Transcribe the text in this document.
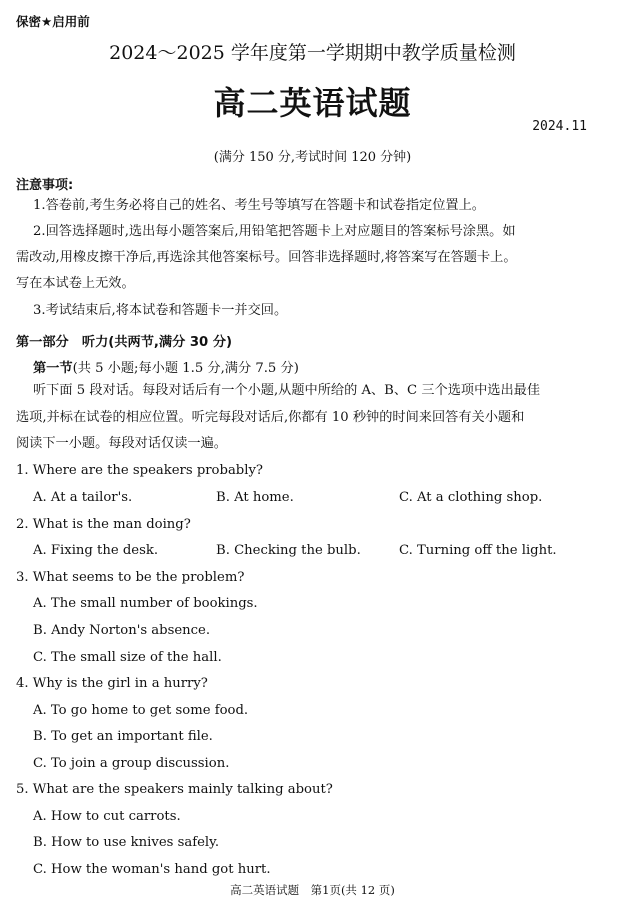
保密★启用前
2024～2025 学年度第一学期期中教学质量检测
高二英语试题
2024.11
(满分 150 分,考试时间 120 分钟)
注意事项:
1.答卷前,考生务必将自己的姓名、考生号等填写在答题卡和试卷指定位置上。
2.回答选择题时,选出每小题答案后,用铅笔把答题卡上对应题目的答案标号涂黑。如
需改动,用橡皮擦干净后,再选涂其他答案标号。回答非选择题时,将答案写在答题卡上。
写在本试卷上无效。
3.考试结束后,将本试卷和答题卡一并交回。
第一部分　听力(共两节,满分 30 分)
第一节(共 5 小题;每小题 1.5 分,满分 7.5 分)
听下面 5 段对话。每段对话后有一个小题,从题中所给的 A、B、C 三个选项中选出最佳
选项,并标在试卷的相应位置。听完每段对话后,你都有 10 秒钟的时间来回答有关小题和
阅读下一小题。每段对话仅读一遍。
1. Where are the speakers probably?
A. At a tailor's.	B. At home.	C. At a clothing shop.
2. What is the man doing?
A. Fixing the desk.	B. Checking the bulb.	C. Turning off the light.
3. What seems to be the problem?
A. The small number of bookings.
B. Andy Norton's absence.
C. The small size of the hall.
4. Why is the girl in a hurry?
A. To go home to get some food.
B. To get an important file.
C. To join a group discussion.
5. What are the speakers mainly talking about?
A. How to cut carrots.
B. How to use knives safely.
C. How the woman's hand got hurt.
高二英语试题　第1页(共 12 页)
